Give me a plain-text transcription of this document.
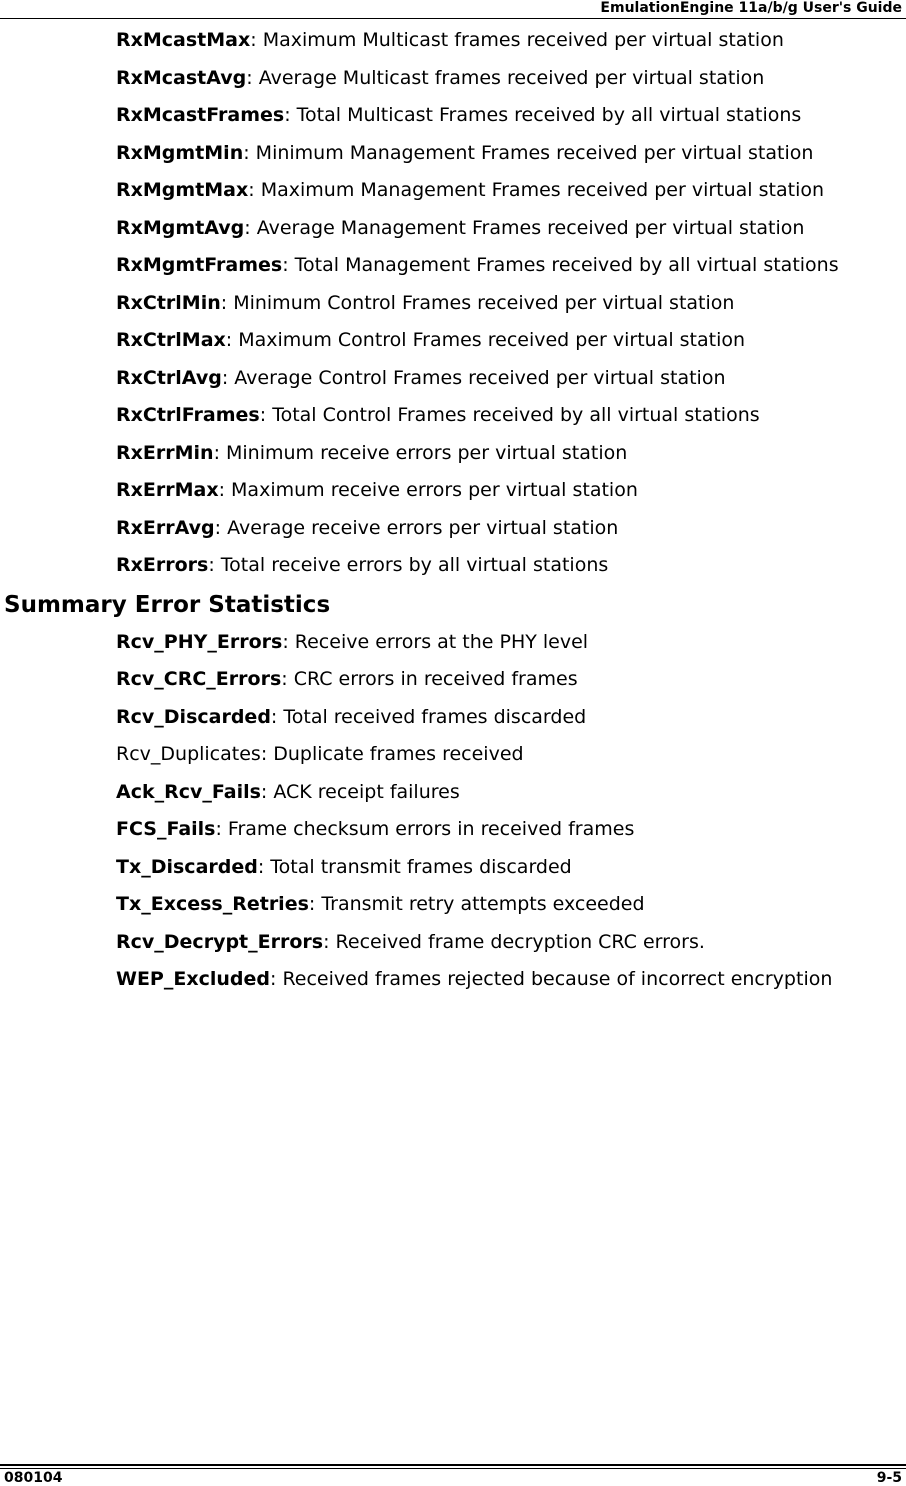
EmulationEngine 11a/b/g User's Guide
RxMcastMax: Maximum Multicast frames received per virtual station
RxMcastAvg: Average Multicast frames received per virtual station
RxMcastFrames: Total Multicast Frames received by all virtual stations
RxMgmtMin: Minimum Management Frames received per virtual station
RxMgmtMax: Maximum Management Frames received per virtual station
RxMgmtAvg: Average Management Frames received per virtual station
RxMgmtFrames: Total Management Frames received by all virtual stations
RxCtrlMin: Minimum Control Frames received per virtual station
RxCtrlMax: Maximum Control Frames received per virtual station
RxCtrlAvg: Average Control Frames received per virtual station
RxCtrlFrames: Total Control Frames received by all virtual stations
RxErrMin: Minimum receive errors per virtual station
RxErrMax: Maximum receive errors per virtual station
RxErrAvg: Average receive errors per virtual station
RxErrors: Total receive errors by all virtual stations
Summary Error Statistics
Rcv_PHY_Errors: Receive errors at the PHY level
Rcv_CRC_Errors: CRC errors in received frames
Rcv_Discarded: Total received frames discarded
Rcv_Duplicates: Duplicate frames received
Ack_Rcv_Fails: ACK receipt failures
FCS_Fails: Frame checksum errors in received frames
Tx_Discarded: Total transmit frames discarded
Tx_Excess_Retries: Transmit retry attempts exceeded
Rcv_Decrypt_Errors: Received frame decryption CRC errors.
WEP_Excluded: Received frames rejected because of incorrect encryption
080104	9-5
